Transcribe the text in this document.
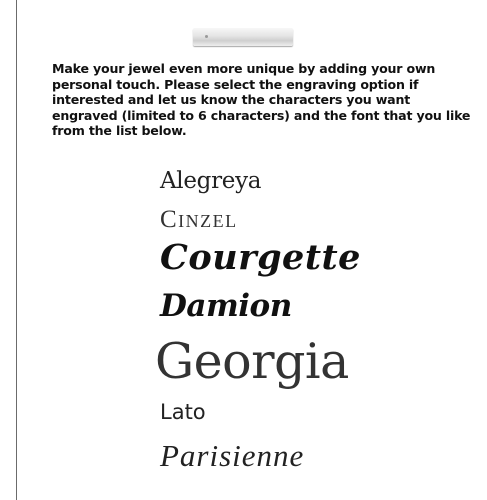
Make your jewel even more unique by adding your own personal touch. Please select the engraving option if interested and let us know the characters you want engraved (limited to 6 characters) and the font that you like from the list below.

Alegreya
Cinzel
Courgette
Damion
Georgia
Lato
Parisienne
